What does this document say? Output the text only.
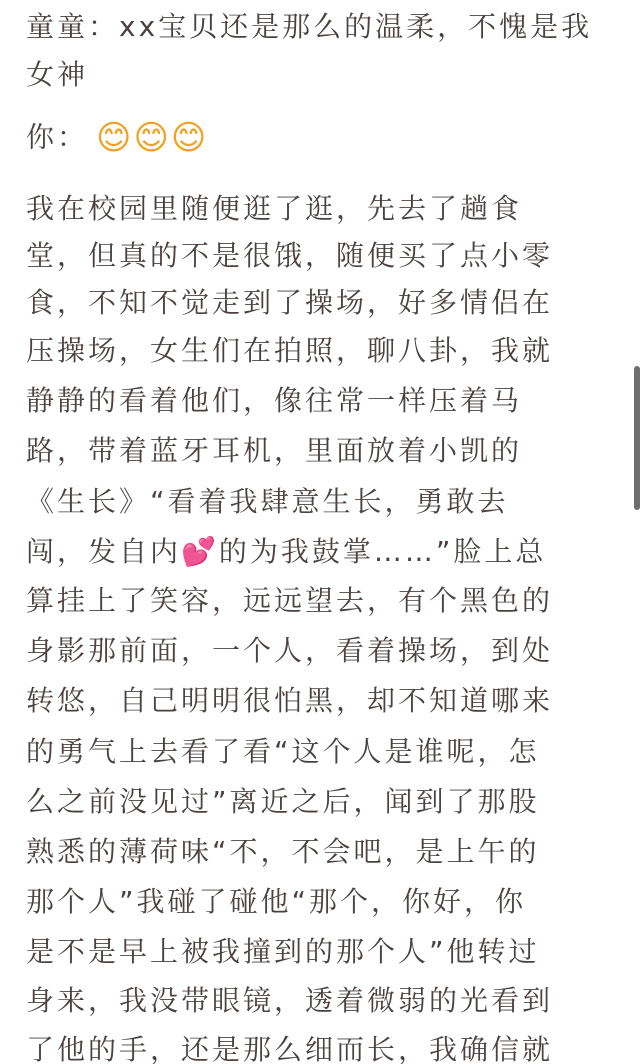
童童：xx宝贝还是那么的温柔，不愧是我
女神
你： 😊😊😊
我在校园里随便逛了逛，先去了趟食
堂，但真的不是很饿，随便买了点小零
食，不知不觉走到了操场，好多情侣在
压操场，女生们在拍照，聊八卦，我就
静静的看着他们，像往常一样压着马
路，带着蓝牙耳机，里面放着小凯的
《生长》“看着我肆意生长，勇敢去
闯，发自内💕的为我鼓掌……”脸上总
算挂上了笑容，远远望去，有个黑色的
身影那前面，一个人，看着操场，到处
转悠，自己明明很怕黑，却不知道哪来
的勇气上去看了看“这个人是谁呢，怎
么之前没见过”离近之后，闻到了那股
熟悉的薄荷味“不，不会吧，是上午的
那个人”我碰了碰他“那个，你好，你
是不是早上被我撞到的那个人”他转过
身来，我没带眼镜，透着微弱的光看到
了他的手，还是那么细而长，我确信就
